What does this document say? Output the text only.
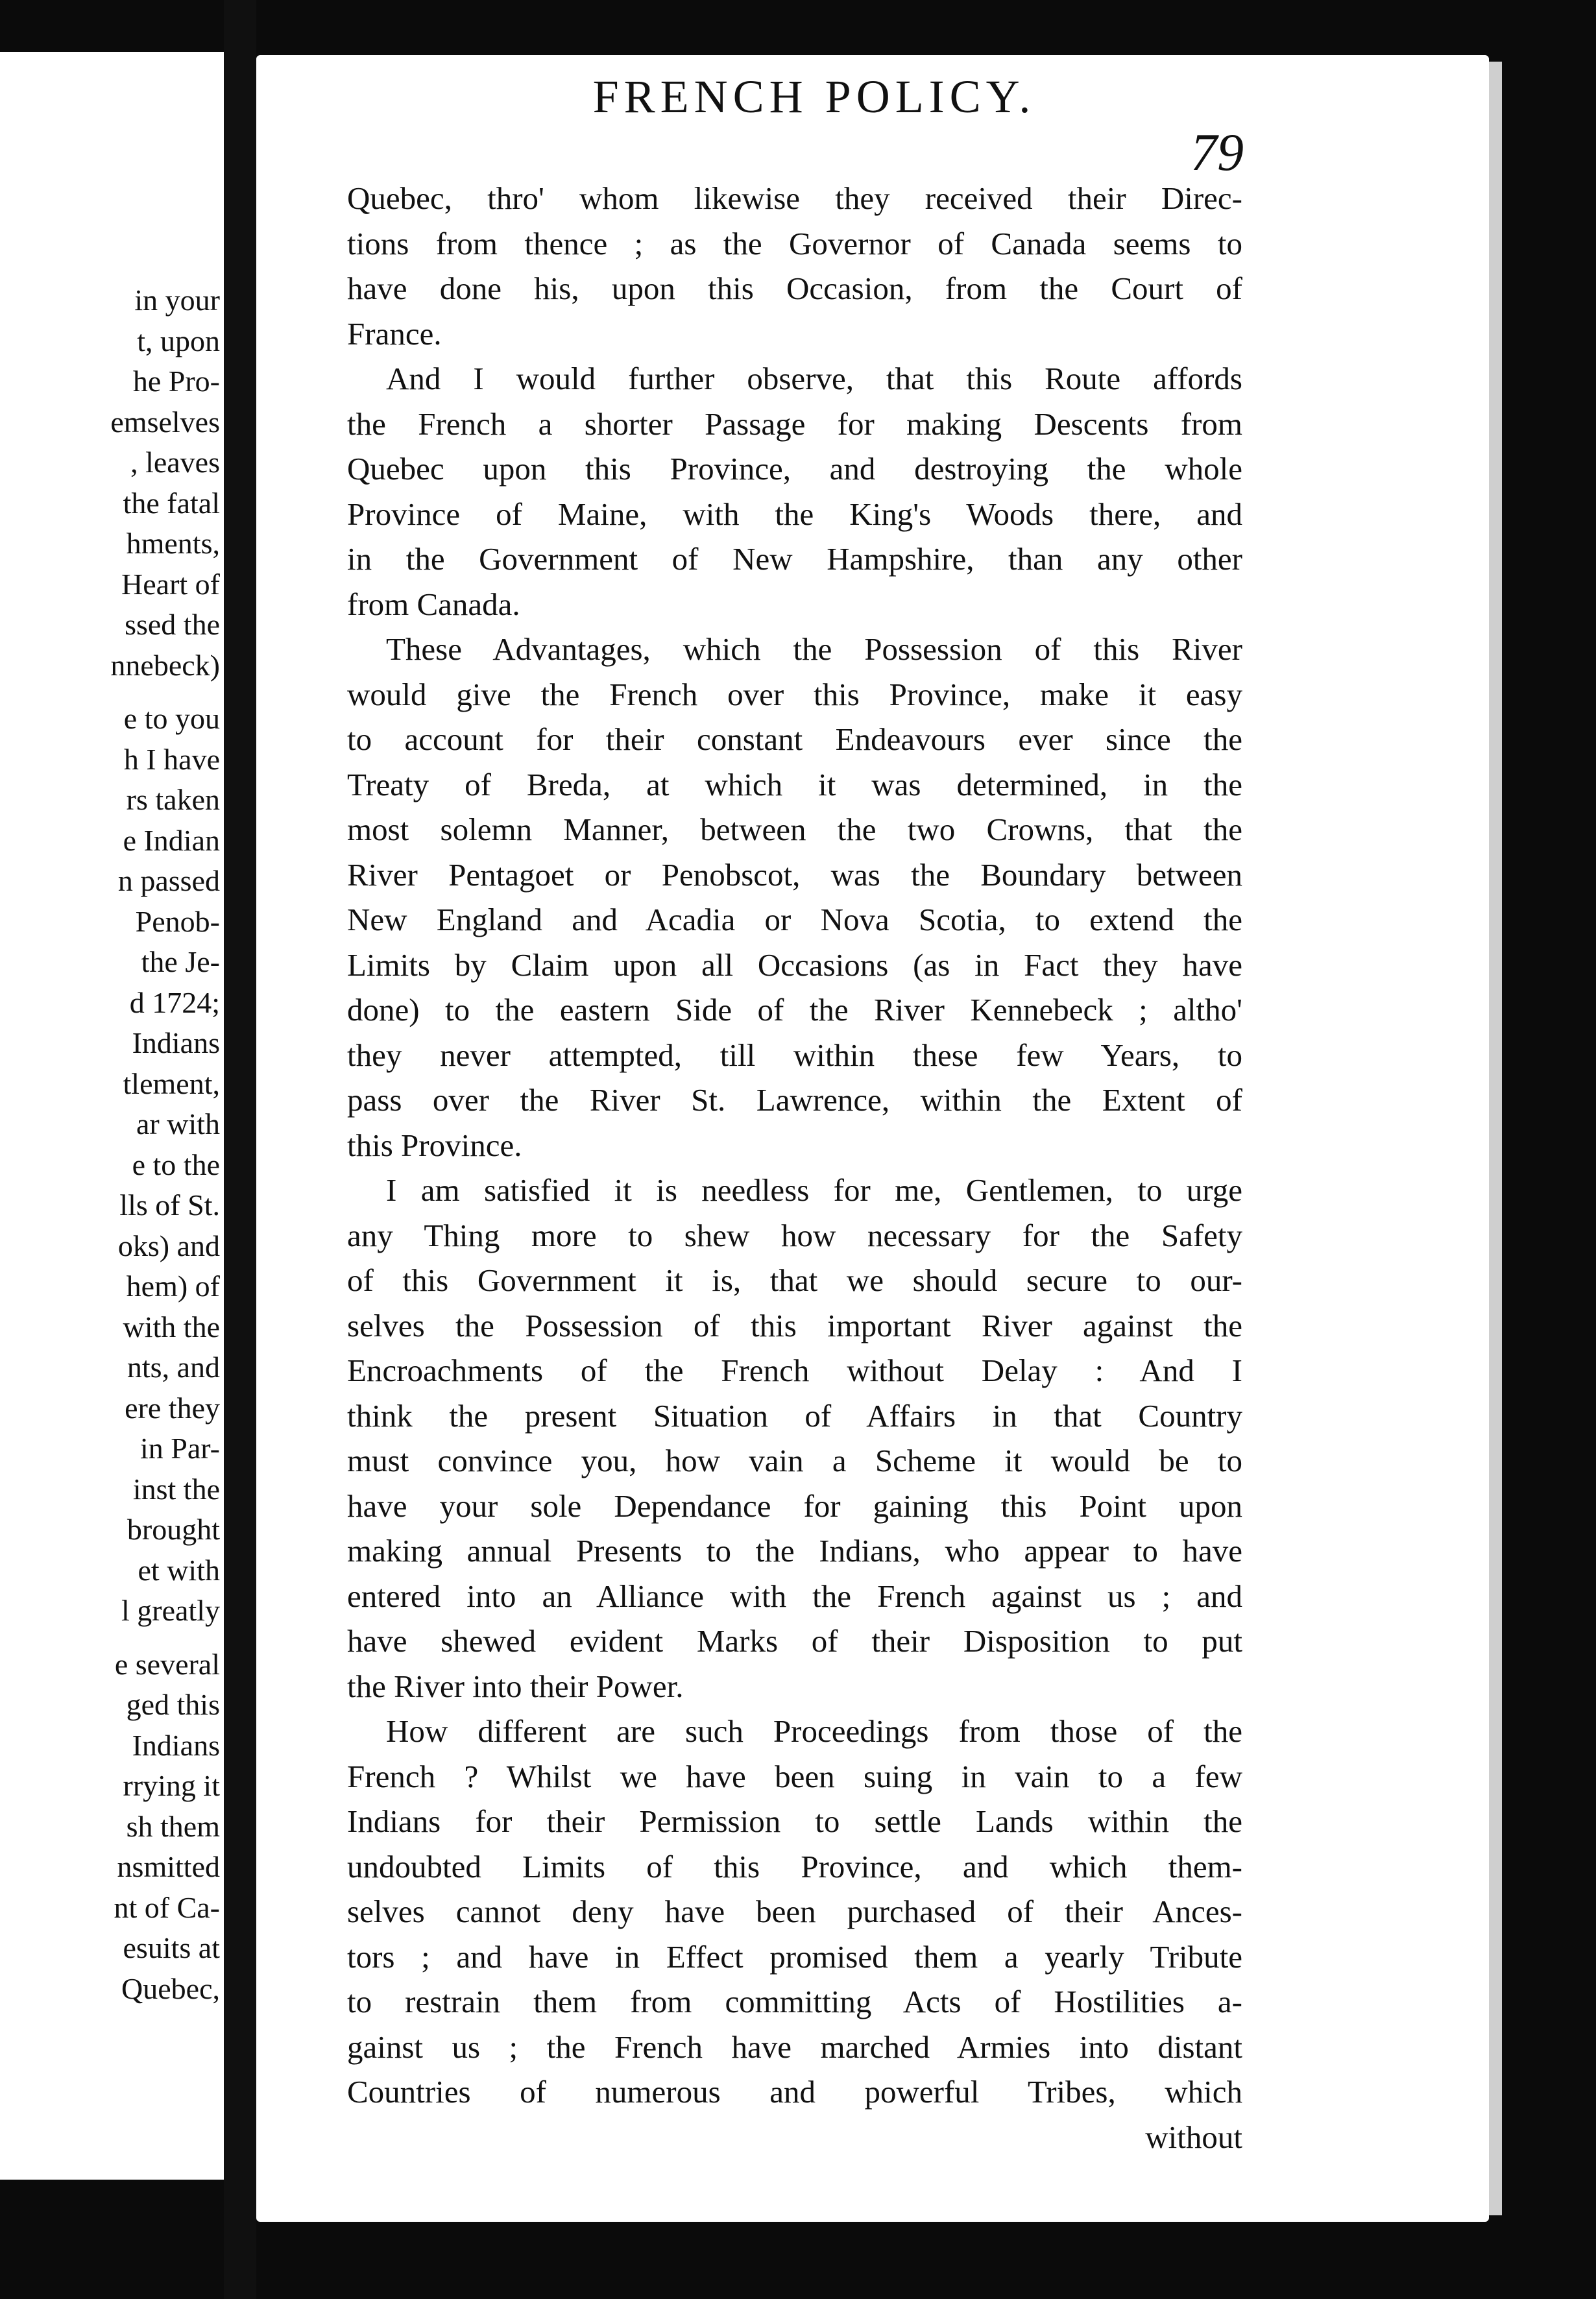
in your
t, upon
he Pro-
emselves
, leaves
the fatal
hments,
Heart of
ssed the
nnebeck)
e to you
h I have
rs taken
e Indian
n passed
Penob-
the Je-
d 1724;
Indians
tlement,
ar with
e to the
lls of St.
oks) and
hem) of
with the
nts, and
ere they
in Par-
inst the
brought
et with
l greatly
e several
ged this
Indians
rrying it
sh them
nsmitted
nt of Ca-
esuits at
Quebec,
FRENCH POLICY.
79
Quebec, thro' whom likewise they received their Direc-
tions from thence ; as the Governor of Canada seems to
have done his, upon this Occasion, from the Court of
France.
And I would further observe, that this Route affords
the French a shorter Passage for making Descents from
Quebec upon this Province, and destroying the whole
Province of Maine, with the King's Woods there, and
in the Government of New Hampshire, than any other
from Canada.
These Advantages, which the Possession of this River
would give the French over this Province, make it easy
to account for their constant Endeavours ever since the
Treaty of Breda, at which it was determined, in the
most solemn Manner, between the two Crowns, that the
River Pentagoet or Penobscot, was the Boundary between
New England and Acadia or Nova Scotia, to extend the
Limits by Claim upon all Occasions (as in Fact they have
done) to the eastern Side of the River Kennebeck ; altho'
they never attempted, till within these few Years, to
pass over the River St. Lawrence, within the Extent of
this Province.
I am satisfied it is needless for me, Gentlemen, to urge
any Thing more to shew how necessary for the Safety
of this Government it is, that we should secure to our-
selves the Possession of this important River against the
Encroachments of the French without Delay : And I
think the present Situation of Affairs in that Country
must convince you, how vain a Scheme it would be to
have your sole Dependance for gaining this Point upon
making annual Presents to the Indians, who appear to have
entered into an Alliance with the French against us ; and
have shewed evident Marks of their Disposition to put
the River into their Power.
How different are such Proceedings from those of the
French ? Whilst we have been suing in vain to a few
Indians for their Permission to settle Lands within the
undoubted Limits of this Province, and which them-
selves cannot deny have been purchased of their Ances-
tors ; and have in Effect promised them a yearly Tribute
to restrain them from committing Acts of Hostilities a-
gainst us ; the French have marched Armies into distant
Countries of numerous and powerful Tribes, which
without
